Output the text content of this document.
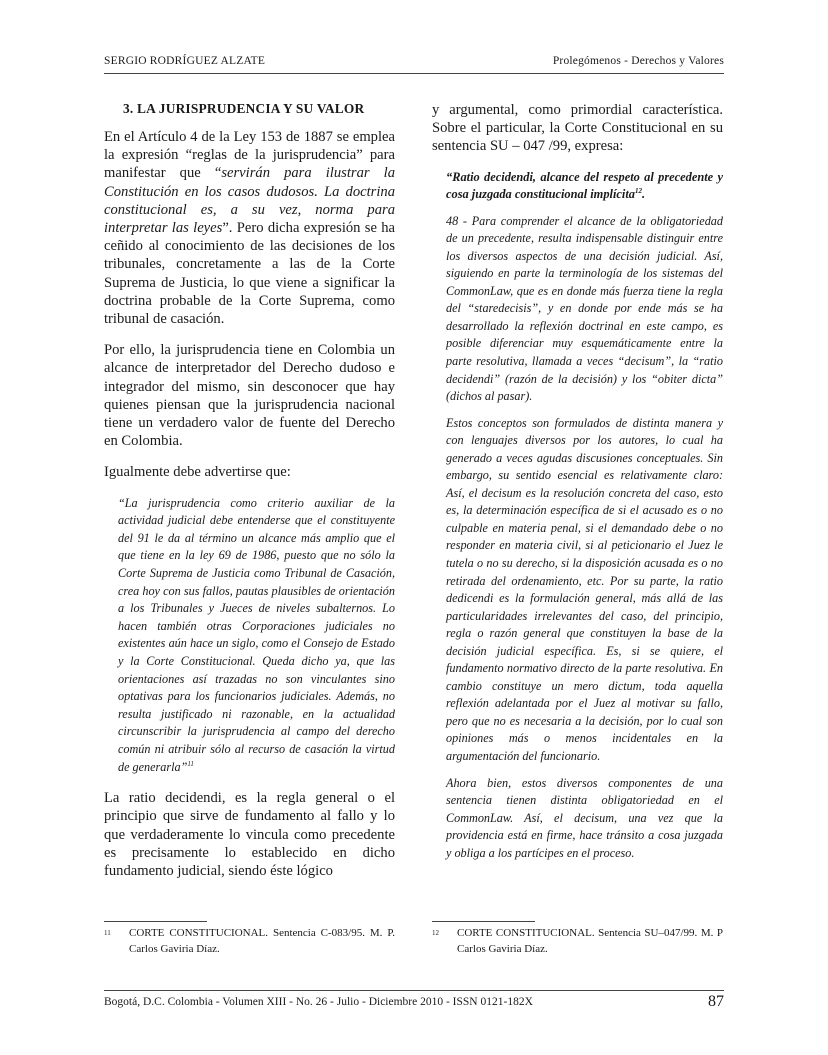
SERGIO RODRÍGUEZ ALZATE	Prolegómenos - Derechos y Valores
3. LA JURISPRUDENCIA Y SU VALOR

En el Artículo 4 de la Ley 153 de 1887 se emplea la expresión “reglas de la jurisprudencia” para manifestar que “servirán para ilustrar la Constitución en los casos dudosos. La doctrina constitucional es, a su vez, norma para interpretar las leyes”. Pero dicha expresión se ha ceñido al conocimiento de las decisiones de los tribunales, concretamente a las de la Corte Suprema de Justicia, lo que viene a significar la doctrina probable de la Corte Suprema, como tribunal de casación.

Por ello, la jurisprudencia tiene en Colombia un alcance de interpretador del Derecho dudoso e integrador del mismo, sin desconocer que hay quienes piensan que la jurisprudencia nacional tiene un verdadero valor de fuente del Derecho en Colombia.

Igualmente debe advertirse que:

“La jurisprudencia como criterio auxiliar de la actividad judicial debe entenderse que el constituyente del 91 le da al término un alcance más amplio que el que tiene en la ley 69 de 1986, puesto que no sólo la Corte Suprema de Justicia como Tribunal de Casación, crea hoy con sus fallos, pautas plausibles de orientación a los Tribunales y Jueces de niveles subalternos. Lo hacen también otras Corporaciones judiciales no existentes aún hace un siglo, como el Consejo de Estado y la Corte Constitucional. Queda dicho ya, que las orientaciones así trazadas no son vinculantes sino optativas para los funcionarios judiciales. Además, no resulta justificado ni razonable, en la actualidad circunscribir la jurisprudencia al campo del derecho común ni atribuir sólo al recurso de casación la virtud de generarla”$^{11}$

La ratio decidendi, es la regla general o el principio que sirve de fundamento al fallo y lo que verdaderamente lo vincula como precedente es precisamente lo establecido en dicho fundamento judicial, siendo éste lógico

y argumental, como primordial característica. Sobre el particular, la Corte Constitucional en su sentencia SU – 047 /99, expresa:

“Ratio decidendi, alcance del respeto al precedente y cosa juzgada constitucional implícita$^{12}$.

48 - Para comprender el alcance de la obligatoriedad de un precedente, resulta indispensable distinguir entre los diversos aspectos de una decisión judicial. Así, siguiendo en parte la terminología de los sistemas del CommonLaw, que es en donde más fuerza tiene la regla del “staredecisis”, y en donde por ende más se ha desarrollado la reflexión doctrinal en este campo, es posible diferenciar muy esquemáticamente entre la parte resolutiva, llamada a veces “decisum”, la “ratio decidendi” (razón de la decisión) y los “obiter dicta” (dichos al pasar).

Estos conceptos son formulados de distinta manera y con lenguajes diversos por los autores, lo cual ha generado a veces agudas discusiones conceptuales. Sin embargo, su sentido esencial es relativamente claro: Así, el decisum es la resolución concreta del caso, esto es, la determinación específica de si el acusado es o no culpable en materia penal, si el demandado debe o no responder en materia civil, si al peticionario el Juez le tutela o no su derecho, si la disposición acusada es o no retirada del ordenamiento, etc. Por su parte, la ratio dedicendi es la formulación general, más allá de las particularidades irrelevantes del caso, del principio, regla o razón general que constituyen la base de la decisión judicial específica. Es, si se quiere, el fundamento normativo directo de la parte resolutiva. En cambio constituye un mero dictum, toda aquella reflexión adelantada por el Juez al motivar su fallo, pero que no es necesaria a la decisión, por lo cual son opiniones más o menos incidentales en la argumentación del funcionario.

Ahora bien, estos diversos componentes de una sentencia tienen distinta obligatoriedad en el CommonLaw. Así, el decisum, una vez que la providencia está en firme, hace tránsito a cosa juzgada y obliga a los partícipes en el proceso.

11 CORTE CONSTITUCIONAL. Sentencia C-083/95. M. P. Carlos Gaviria Díaz.
12 CORTE CONSTITUCIONAL. Sentencia SU–047/99. M. P Carlos Gaviria Díaz.
Bogotá, D.C. Colombia - Volumen XIII - No. 26 - Julio - Diciembre 2010 - ISSN 0121-182X	87
